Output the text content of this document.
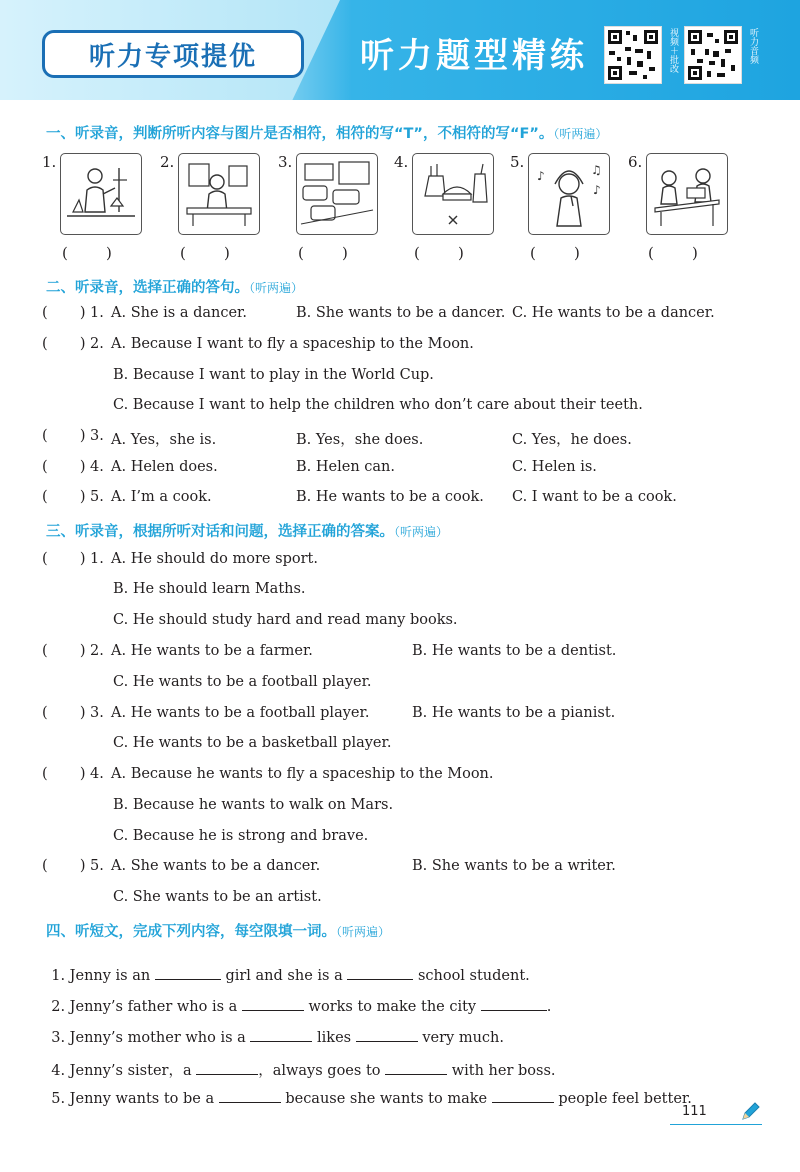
听力专项提优	听力题型精练	视频＋批改	听力音频
一、听录音，判断所听内容与图片是否相符，相符的写“T”，不相符的写“F”。（听两遍）
1.	2.	3.	4.	5.
♪	♫
♪
6.
(        )	(        )	(        )	(        )	(        )	(        )
二、听录音，选择正确的答句。（听两遍）
(       ) 1. A. She is a dancer.	B. She wants to be a dancer. C. He wants to be a dancer.
(       ) 2. A. Because I want to fly a spaceship to the Moon.
B. Because I want to play in the World Cup.
C. Because I want to help the children who don’t care about their teeth.
(       ) 3. A. Yes，she is.	B. Yes，she does.	C. Yes，he does.
(       ) 4. A. Helen does.	B. Helen can.	C. Helen is.
(       ) 5. A. I’m a cook.	B. He wants to be a cook. C. I want to be a cook.
三、听录音，根据所听对话和问题，选择正确的答案。（听两遍）
(       ) 1. A. He should do more sport.
B. He should learn Maths.
C. He should study hard and read many books.
(       ) 2. A. He wants to be a farmer.	B. He wants to be a dentist.
C. He wants to be a football player.
(       ) 3. A. He wants to be a football player.	B. He wants to be a pianist.
C. He wants to be a basketball player.
(       ) 4. A. Because he wants to fly a spaceship to the Moon.
B. Because he wants to walk on Mars.
C. Because he is strong and brave.
(       ) 5. A. She wants to be a dancer.	B. She wants to be a writer.
C. She wants to be an artist.
四、听短文，完成下列内容，每空限填一词。（听两遍）

1. Jenny is an	girl and she is a	school student.

2. Jenny’s father who is a	works to make the city	.

3. Jenny’s mother who is a	likes	very much.

4. Jenny’s sister，a	，always goes to	with her boss.

5. Jenny wants to be a	because she wants to make	people feel better.

111
